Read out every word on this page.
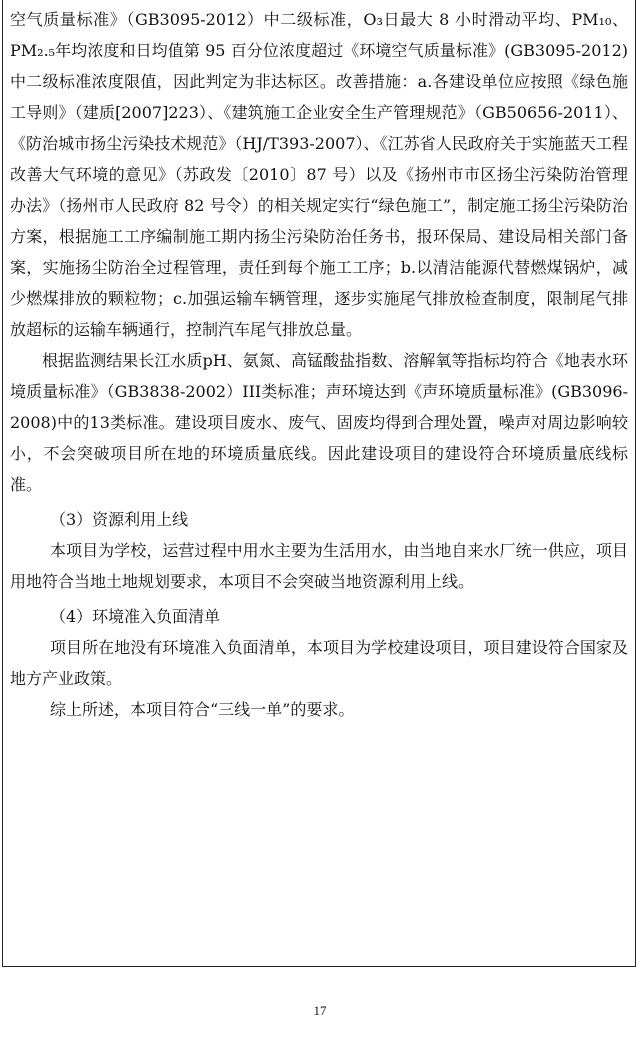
空气质量标准》（GB3095-2012）中二级标准，O₃日最大 8 小时滑动平均、PM₁₀、PM₂.₅年均浓度和日均值第 95 百分位浓度超过《环境空气质量标准》(GB3095-2012) 中二级标准浓度限值，因此判定为非达标区。改善措施：a.各建设单位应按照《绿色施工导则》（建质[2007]223）、《建筑施工企业安全生产管理规范》（GB50656-2011）、《防治城市扬尘污染技术规范》（HJ/T393-2007）、《江苏省人民政府关于实施蓝天工程改善大气环境的意见》（苏政发〔2010〕87 号）以及《扬州市市区扬尘污染防治管理办法》（扬州市人民政府 82 号令）的相关规定实行“绿色施工”，制定施工扬尘污染防治方案，根据施工工序编制施工期内扬尘污染防治任务书，报环保局、建设局相关部门备案，实施扬尘防治全过程管理，责任到每个施工工序；b.以清洁能源代替燃煤锅炉，减少燃煤排放的颗粒物；c.加强运输车辆管理，逐步实施尾气排放检查制度，限制尾气排放超标的运输车辆通行，控制汽车尾气排放总量。

根据监测结果长江水质pH、氨氮、高锰酸盐指数、溶解氧等指标均符合《地表水环境质量标准》（GB3838-2002）III类标准；声环境达到《声环境质量标准》(GB3096-2008)中的13类标准。建设项目废水、废气、固废均得到合理处置，噪声对周边影响较小，不会突破项目所在地的环境质量底线。因此建设项目的建设符合环境质量底线标准。

（3）资源利用上线

本项目为学校，运营过程中用水主要为生活用水，由当地自来水厂统一供应，项目用地符合当地土地规划要求，本项目不会突破当地资源利用上线。

（4）环境准入负面清单

项目所在地没有环境准入负面清单，本项目为学校建设项目，项目建设符合国家及地方产业政策。

综上所述，本项目符合“三线一单”的要求。

17
